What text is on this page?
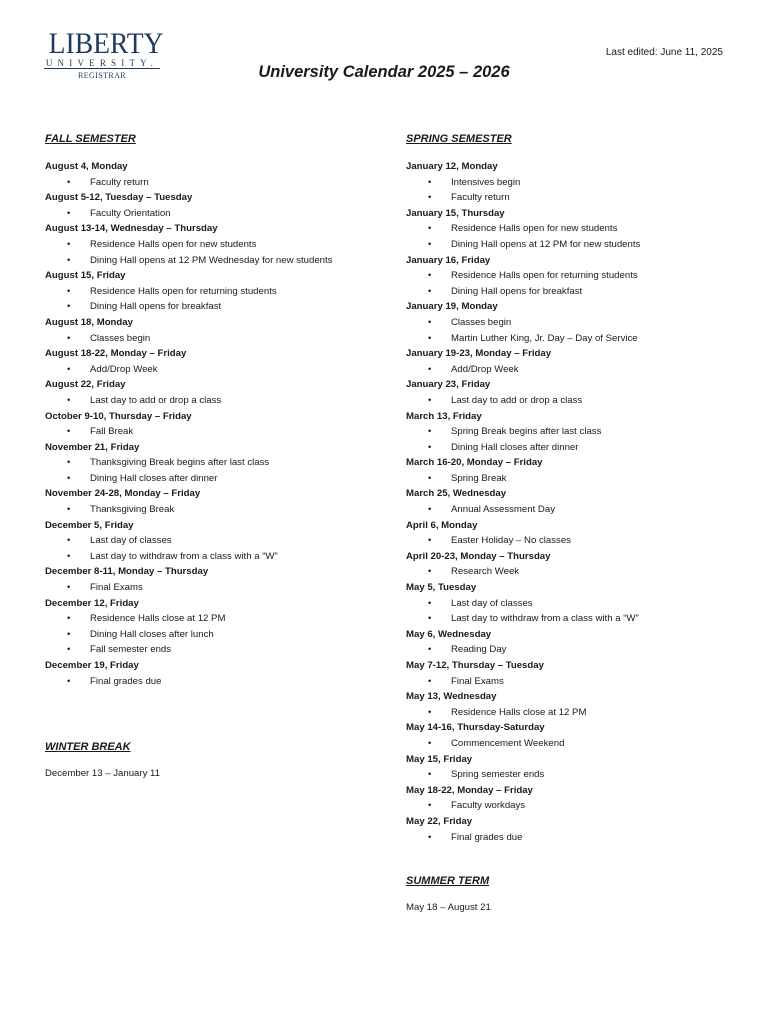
LIBERTY
UNIVERSITY.
REGISTRAR
Last edited: June 11, 2025
University Calendar 2025 – 2026
FALL SEMESTER
August 4, Monday
• Faculty return
August 5-12, Tuesday – Tuesday
• Faculty Orientation
August 13-14, Wednesday – Thursday
• Residence Halls open for new students
• Dining Hall opens at 12 PM Wednesday for new students
August 15, Friday
• Residence Halls open for returning students
• Dining Hall opens for breakfast
August 18, Monday
• Classes begin
August 18-22, Monday – Friday
• Add/Drop Week
August 22, Friday
• Last day to add or drop a class
October 9-10, Thursday – Friday
• Fall Break
November 21, Friday
• Thanksgiving Break begins after last class
• Dining Hall closes after dinner
November 24-28, Monday – Friday
• Thanksgiving Break
December 5, Friday
• Last day of classes
• Last day to withdraw from a class with a “W”
December 8-11, Monday – Thursday
• Final Exams
December 12, Friday
• Residence Halls close at 12 PM
• Dining Hall closes after lunch
• Fall semester ends
December 19, Friday
• Final grades due
SPRING SEMESTER
January 12, Monday
• Intensives begin
• Faculty return
January 15, Thursday
• Residence Halls open for new students
• Dining Hall opens at 12 PM for new students
January 16, Friday
• Residence Halls open for returning students
• Dining Hall opens for breakfast
January 19, Monday
• Classes begin
• Martin Luther King, Jr. Day – Day of Service
January 19-23, Monday – Friday
• Add/Drop Week
January 23, Friday
• Last day to add or drop a class
March 13, Friday
• Spring Break begins after last class
• Dining Hall closes after dinner
March 16-20, Monday – Friday
• Spring Break
March 25, Wednesday
• Annual Assessment Day
April 6, Monday
• Easter Holiday – No classes
April 20-23, Monday – Thursday
• Research Week
May 5, Tuesday
• Last day of classes
• Last day to withdraw from a class with a “W”
May 6, Wednesday
• Reading Day
May 7-12, Thursday – Tuesday
• Final Exams
May 13, Wednesday
• Residence Halls close at 12 PM
May 14-16, Thursday-Saturday
• Commencement Weekend
May 15, Friday
• Spring semester ends
May 18-22, Monday – Friday
• Faculty workdays
May 22, Friday
• Final grades due
WINTER BREAK
December 13 – January 11
SUMMER TERM
May 18 – August 21
